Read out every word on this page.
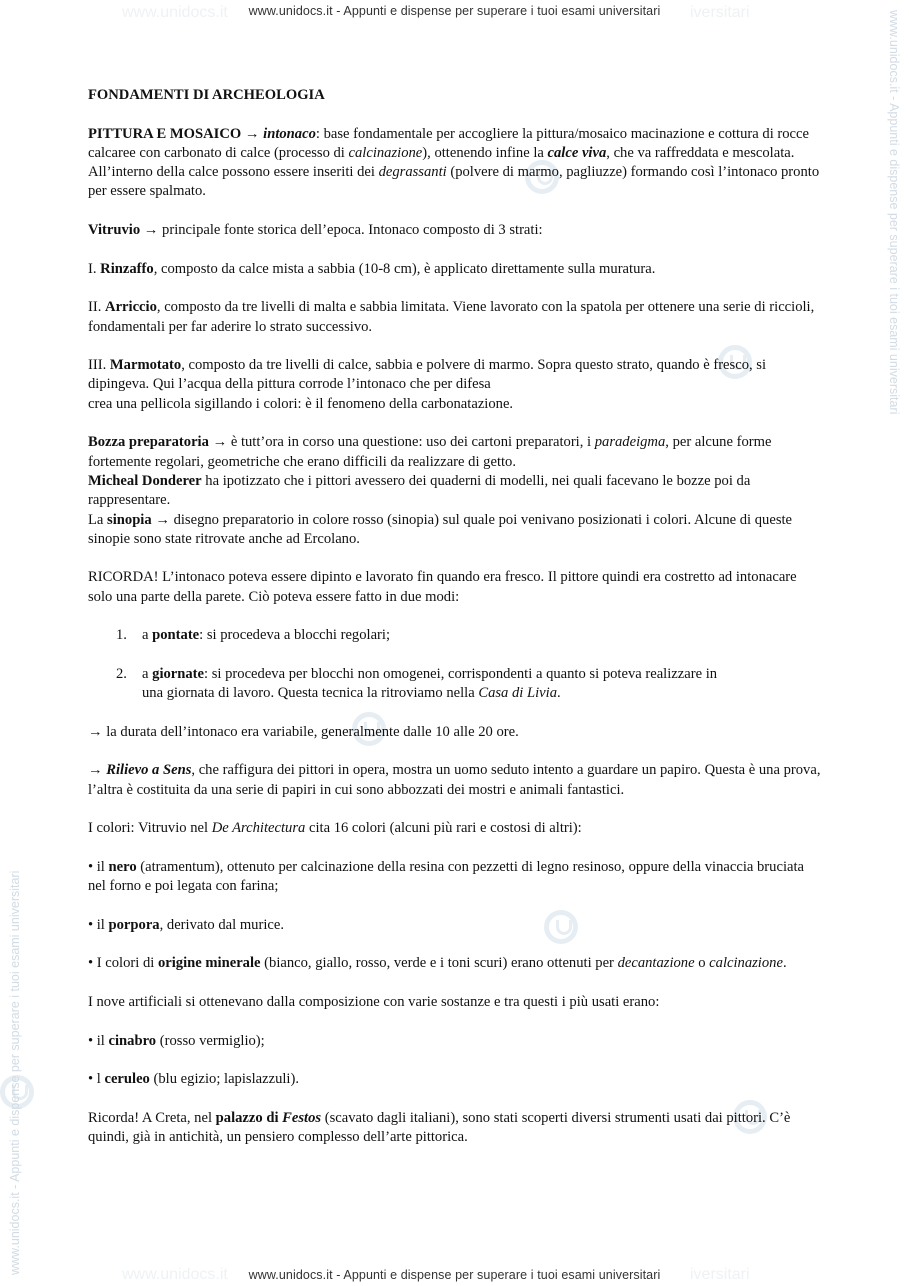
www.unidocs.it	iversitari
www.unidocs.it	iversitari
www.unidocs.it - Appunti e dispense per superare i tuoi esami universitari
www.unidocs.it - Appunti e dispense per superare i tuoi esami universitari
www.unidocs.it - Appunti e dispense per superare i tuoi esami universitari
www.unidocs.it - Appunti e dispense per superare i tuoi esami universitari

FONDAMENTI DI ARCHEOLOGIA

PITTURA E MOSAICO → intonaco: base fondamentale per accogliere la pittura/mosaico macinazione e cottura di rocce calcaree con carbonato di calce (processo di calcinazione), ottenendo infine la calce viva, che va raffreddata e mescolata. All’interno della calce possono essere inseriti dei degrassanti (polvere di marmo, pagliuzze) formando così l’intonaco pronto per essere spalmato.

Vitruvio → principale fonte storica dell’epoca. Intonaco composto di 3 strati:

I. Rinzaffo, composto da calce mista a sabbia (10-8 cm), è applicato direttamente sulla muratura.

II. Arriccio, composto da tre livelli di malta e sabbia limitata. Viene lavorato con la spatola per ottenere una serie di riccioli, fondamentali per far aderire lo strato successivo.

III. Marmotato, composto da tre livelli di calce, sabbia e polvere di marmo. Sopra questo strato, quando è fresco, si dipingeva. Qui l’acqua della pittura corrode l’intonaco che per difesa
crea una pellicola sigillando i colori: è il fenomeno della carbonatazione.

Bozza preparatoria → è tutt’ora in corso una questione: uso dei cartoni preparatori, i paradeigma, per alcune forme fortemente regolari, geometriche che erano difficili da realizzare di getto.
Micheal Donderer ha ipotizzato che i pittori avessero dei quaderni di modelli, nei quali facevano le bozze poi da rappresentare.
La sinopia → disegno preparatorio in colore rosso (sinopia) sul quale poi venivano posizionati i colori. Alcune di queste sinopie sono state ritrovate anche ad Ercolano.

RICORDA! L’intonaco poteva essere dipinto e lavorato fin quando era fresco. Il pittore quindi era costretto ad intonacare solo una parte della parete. Ciò poteva essere fatto in due modi:

1. a pontate: si procedeva a blocchi regolari;
2. a giornate: si procedeva per blocchi non omogenei, corrispondenti a quanto si poteva realizzare in
una giornata di lavoro. Questa tecnica la ritroviamo nella Casa di Livia.

→ la durata dell’intonaco era variabile, generalmente dalle 10 alle 20 ore.

→ Rilievo a Sens, che raffigura dei pittori in opera, mostra un uomo seduto intento a guardare un papiro. Questa è una prova, l’altra è costituita da una serie di papiri in cui sono abbozzati dei mostri e animali fantastici.

I colori: Vitruvio nel De Architectura cita 16 colori (alcuni più rari e costosi di altri):

• il nero (atramentum), ottenuto per calcinazione della resina con pezzetti di legno resinoso, oppure della vinaccia bruciata nel forno e poi legata con farina;

• il porpora, derivato dal murice.

• I colori di origine minerale (bianco, giallo, rosso, verde e i toni scuri) erano ottenuti per decantazione o calcinazione.

I nove artificiali si ottenevano dalla composizione con varie sostanze e tra questi i più usati erano:

• il cinabro (rosso vermiglio);

• l ceruleo (blu egizio; lapislazzuli).

Ricorda! A Creta, nel palazzo di Festos (scavato dagli italiani), sono stati scoperti diversi strumenti usati dai pittori. C’è quindi, già in antichità, un pensiero complesso dell’arte pittorica.
